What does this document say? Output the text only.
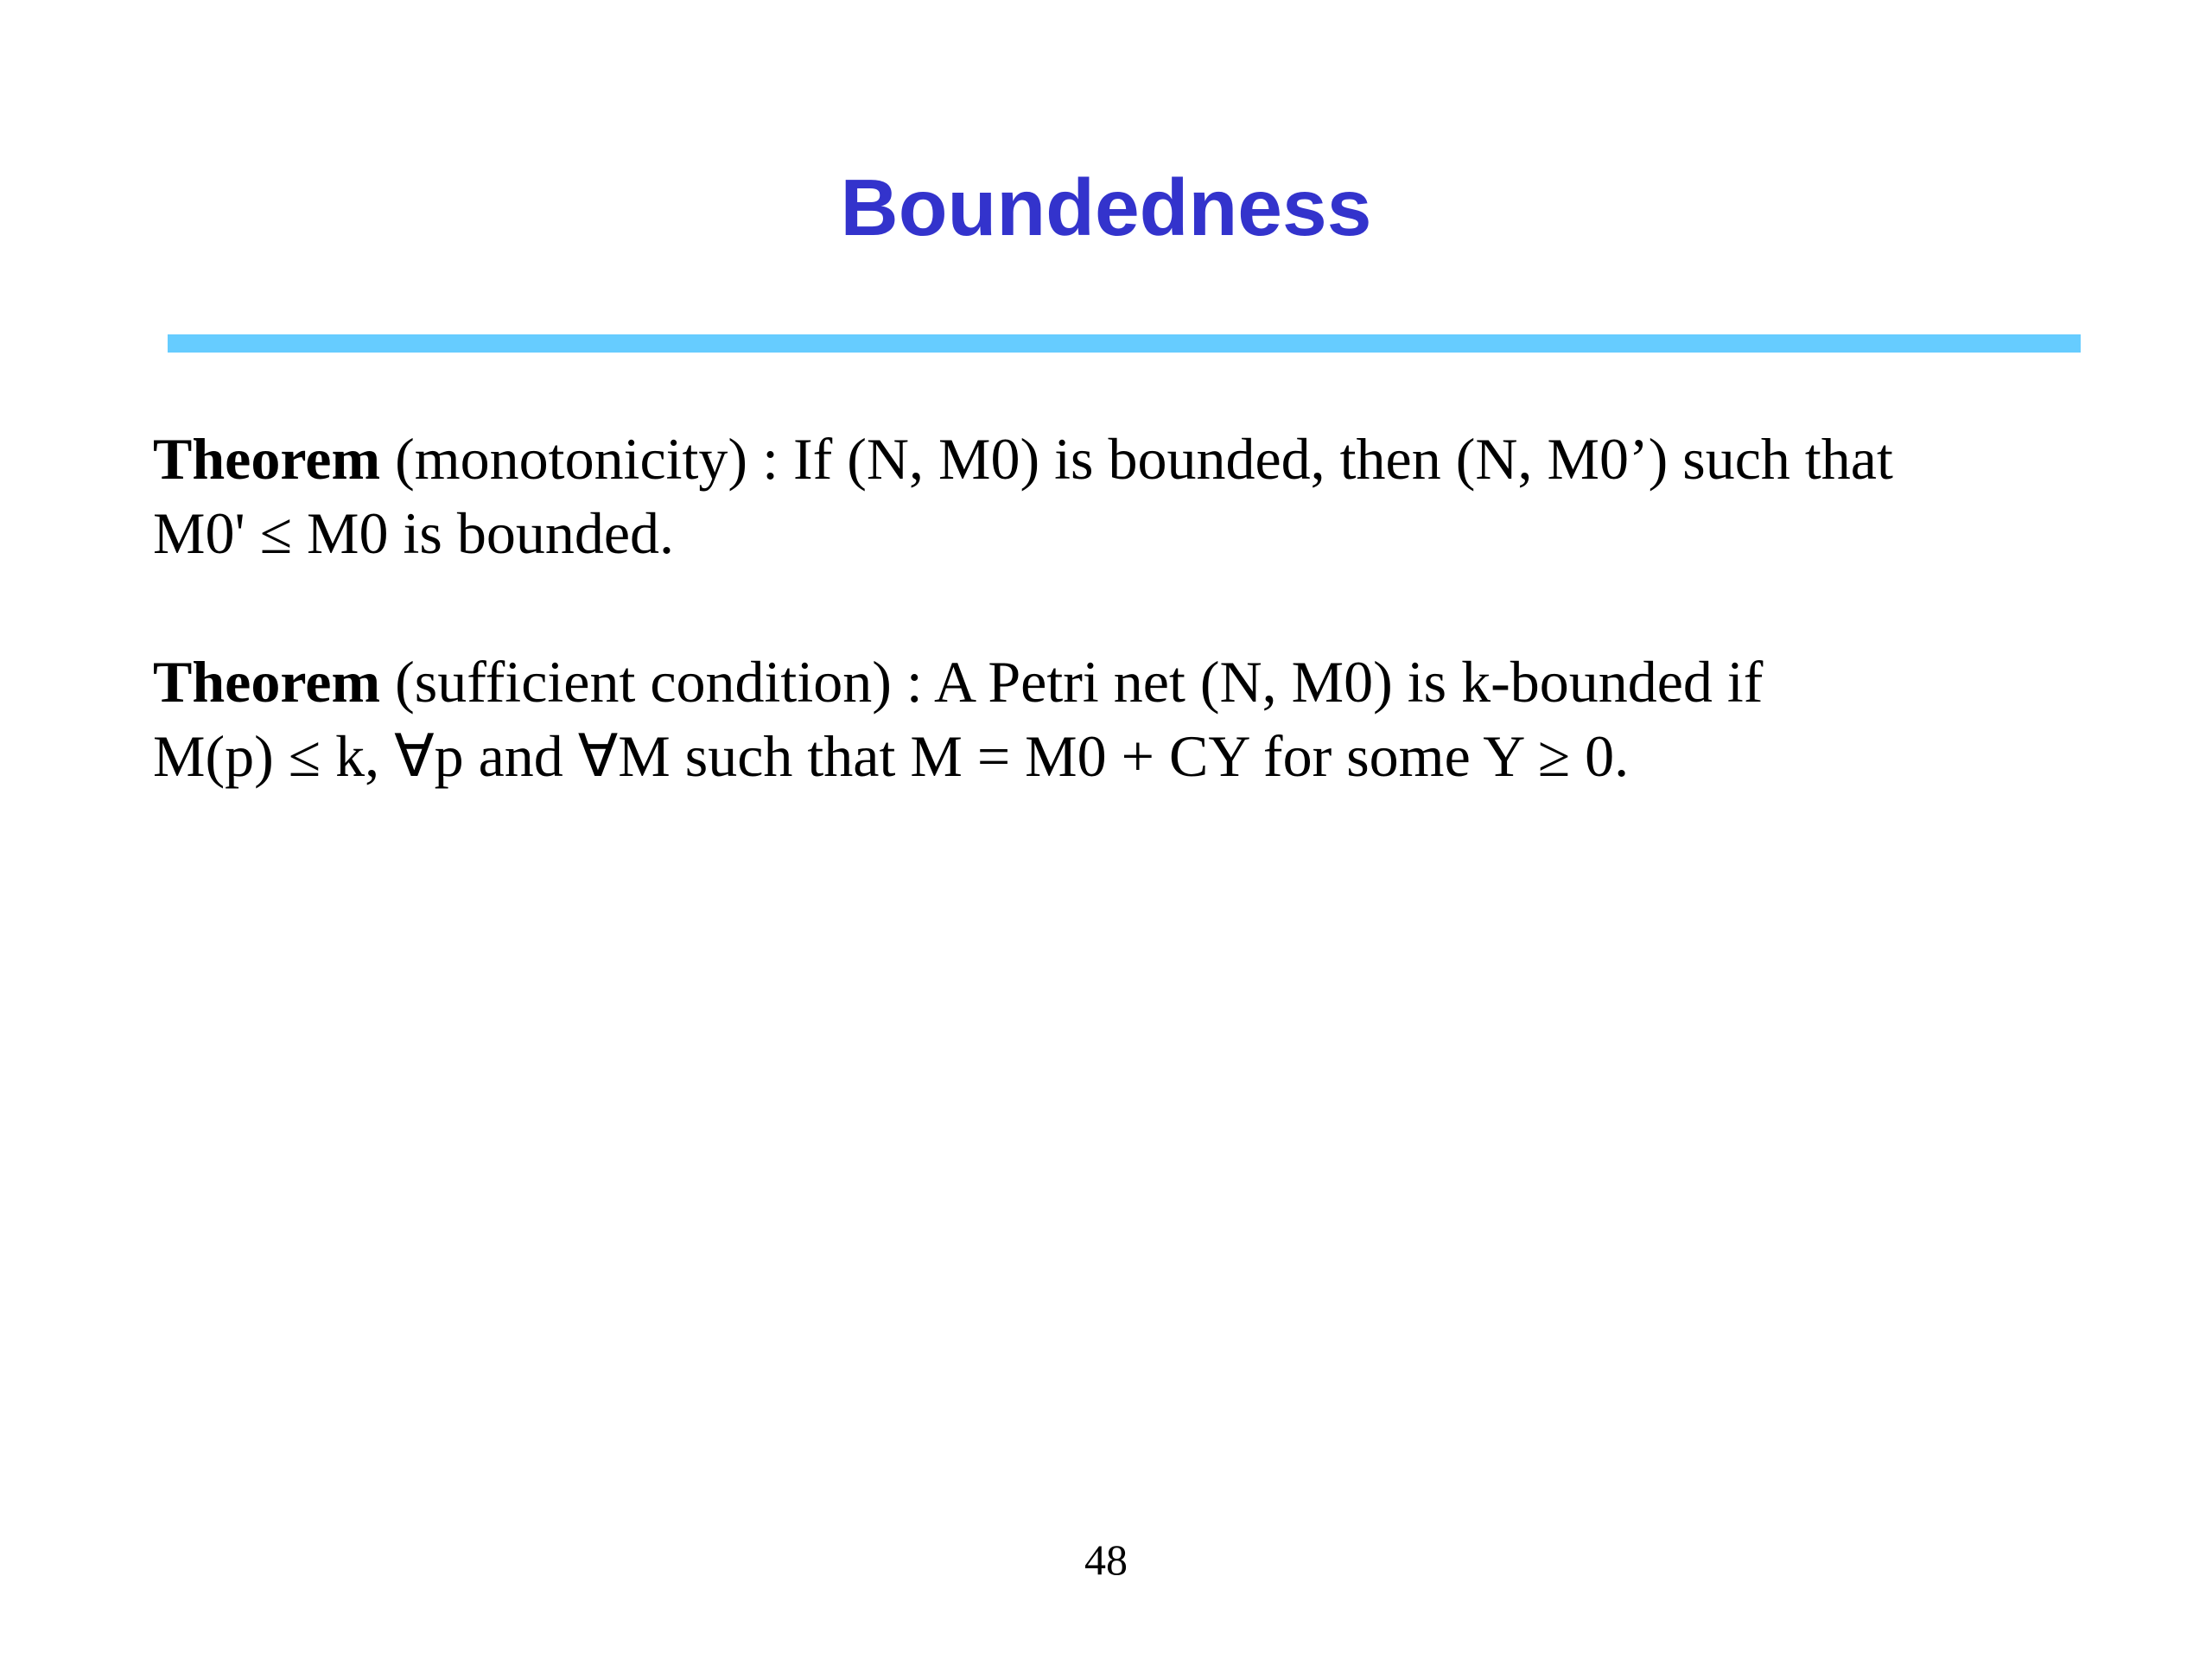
Boundedness
Theorem (monotonicity) : If (N, M0) is bounded, then (N, M0’) such that
M0' ≤ M0 is bounded.
Theorem (sufficient condition) : A Petri net (N, M0) is k-bounded if
M(p) ≤ k, ∀p and ∀M such that M = M0 + CY for some Y ≥ 0.
48
